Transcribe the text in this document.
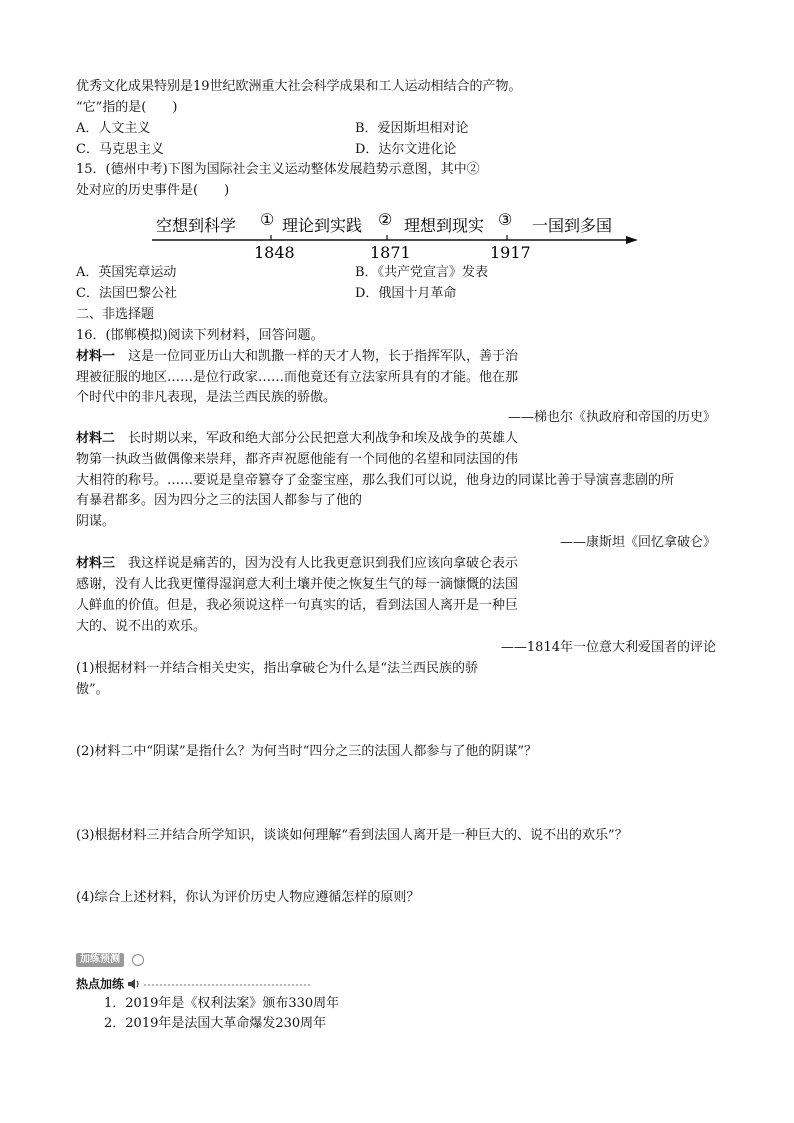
优秀文化成果特别是19世纪欧洲重大社会科学成果和工人运动相结合的产物。
“它”指的是(　　)
A．人文主义	B．爱因斯坦相对论
C．马克思主义	D．达尔文进化论
15．(德州中考)下图为国际社会主义运动整体发展趋势示意图，其中②
处对应的历史事件是(　　)
空想到科学 ① 理论到实践 ② 理想到现实 ③ 一国到多国
1848	1871	1917
A．英国宪章运动	B．《共产党宣言》发表
C．法国巴黎公社	D．俄国十月革命
二、非选择题
16．(邯郸模拟)阅读下列材料，回答问题。
材料一　这是一位同亚历山大和凯撒一样的天才人物，长于指挥军队，善于治
理被征服的地区……是位行政家……而他竟还有立法家所具有的才能。他在那
个时代中的非凡表现，是法兰西民族的骄傲。
——梯也尔《执政府和帝国的历史》
材料二　长时期以来，军政和绝大部分公民把意大利战争和埃及战争的英雄人
物第一执政当做偶像来崇拜，都齐声祝愿他能有一个同他的名望和同法国的伟
大相符的称号。……要说是皇帝篡夺了金銮宝座，那么我们可以说，他身边的同谋比善于导演喜悲剧的所
有暴君都多。因为四分之三的法国人都参与了他的
阴谋。
——康斯坦《回忆拿破仑》
材料三　我这样说是痛苦的，因为没有人比我更意识到我们应该向拿破仑表示
感谢，没有人比我更懂得湿润意大利土壤并使之恢复生气的每一滴慷慨的法国
人鲜血的价值。但是，我必须说这样一句真实的话，看到法国人离开是一种巨
大的、说不出的欢乐。
——1814年一位意大利爱国者的评论
(1)根据材料一并结合相关史实，指出拿破仑为什么是“法兰西民族的骄
傲”。
(2)材料二中“阴谋”是指什么？为何当时“四分之三的法国人都参与了他的阴谋”？
(3)根据材料三并结合所学知识，谈谈如何理解“看到法国人离开是一种巨大的、说不出的欢乐”？
(4)综合上述材料，你认为评价历史人物应遵循怎样的原则？
加练预测
热点加练
1．2019年是《权利法案》颁布330周年
2．2019年是法国大革命爆发230周年
